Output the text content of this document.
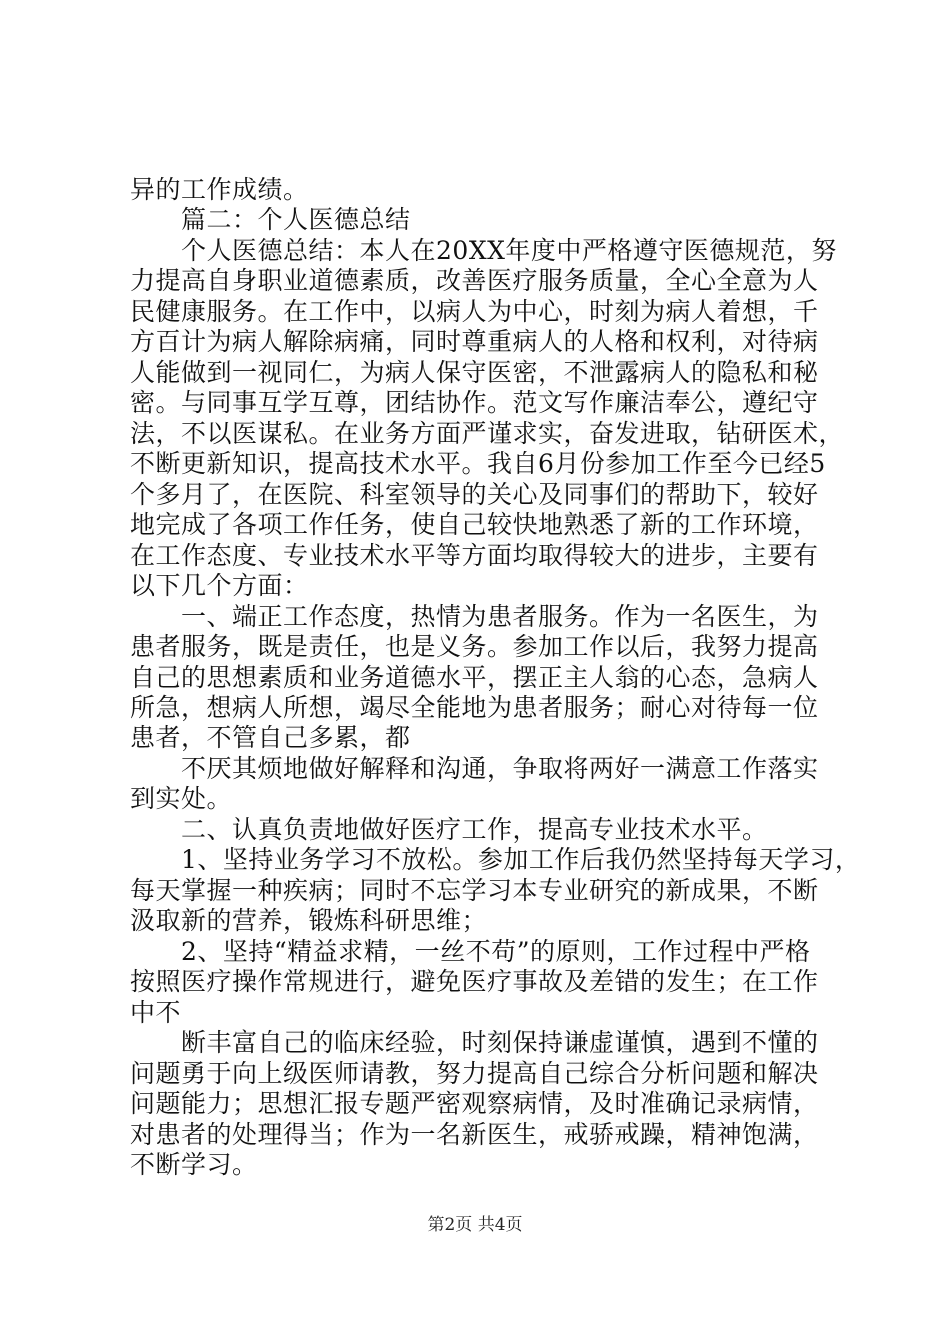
异的工作成绩。
　　篇二：个人医德总结
　　个人医德总结：本人在20XX年度中严格遵守医德规范，努
力提高自身职业道德素质，改善医疗服务质量，全心全意为人
民健康服务。在工作中，以病人为中心，时刻为病人着想，千
方百计为病人解除病痛，同时尊重病人的人格和权利，对待病
人能做到一视同仁，为病人保守医密，不泄露病人的隐私和秘
密。与同事互学互尊，团结协作。范文写作廉洁奉公，遵纪守
法，不以医谋私。在业务方面严谨求实，奋发进取，钻研医术，
不断更新知识，提高技术水平。我自6月份参加工作至今已经5
个多月了，在医院、科室领导的关心及同事们的帮助下，较好
地完成了各项工作任务，使自己较快地熟悉了新的工作环境，
在工作态度、专业技术水平等方面均取得较大的进步，主要有
以下几个方面：
　　一、端正工作态度，热情为患者服务。作为一名医生，为
患者服务，既是责任，也是义务。参加工作以后，我努力提高
自己的思想素质和业务道德水平，摆正主人翁的心态，急病人
所急，想病人所想，竭尽全能地为患者服务；耐心对待每一位
患者，不管自己多累，都
　　不厌其烦地做好解释和沟通，争取将两好一满意工作落实
到实处。
　　二、认真负责地做好医疗工作，提高专业技术水平。
　　1、坚持业务学习不放松。参加工作后我仍然坚持每天学习，
每天掌握一种疾病；同时不忘学习本专业研究的新成果，不断
汲取新的营养，锻炼科研思维；
　　2、坚持“精益求精，一丝不苟”的原则，工作过程中严格
按照医疗操作常规进行，避免医疗事故及差错的发生；在工作
中不
　　断丰富自己的临床经验，时刻保持谦虚谨慎，遇到不懂的
问题勇于向上级医师请教，努力提高自己综合分析问题和解决
问题能力；思想汇报专题严密观察病情，及时准确记录病情，
第2页 共4页
对患者的处理得当；作为一名新医生，戒骄戒躁，精神饱满，
不断学习。
